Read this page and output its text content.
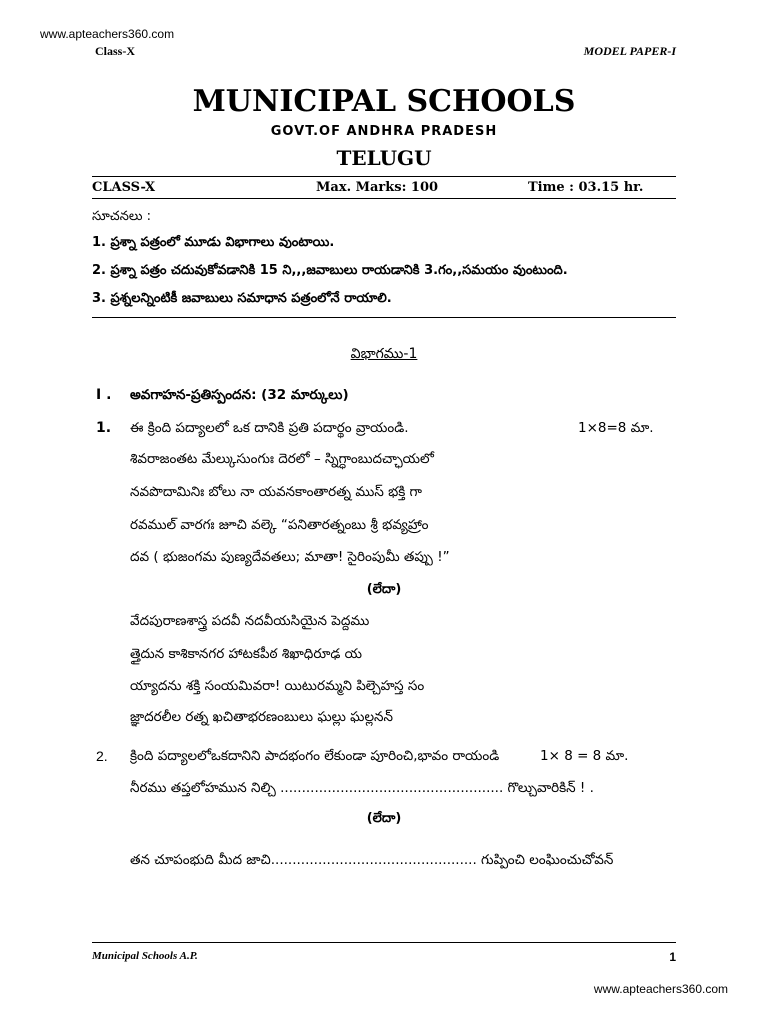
www.apteachers360.com
Class-X	MODEL PAPER-I
MUNICIPAL SCHOOLS
GOVT.OF ANDHRA PRADESH
TELUGU
CLASS-X	Max. Marks: 100	Time : 03.15 hr.
సూచనలు :
1. ప్రశ్నా పత్రంలో మూడు విభాగాలు వుంటాయి.
2. ప్రశ్నా పత్రం చదువుకోవడానికి 15 ని,,,జవాబులు రాయడానికి 3.గం,,సమయం వుంటుంది.
3. ప్రశ్నలన్నింటికీ జవాబులు సమాధాన పత్రంలోనే రాయాలి.
విభాగము-1
I . అవగాహన-ప్రతిస్పందన: (32 మార్కులు)
1. ఈ క్రింది పద్యాలలో ఒక దానికి ప్రతి పదార్థం వ్రాయండి.	1×8=8 మా.
శివరాజంతట మేల్కుసుంగుః దెరలో – స్నిగ్ధాంబుదచ్ఛాయలో
నవపొదామినిః బోలు నా యవనకాంతారత్న ముస్ భక్తి గా
రవముల్ వారగః జూచి వల్కె “పనితారత్నంబు శ్రీ భవ్యహ్రాం
దవ ( భుజంగమ పుణ్యదేవతలు; మాతా! సైరింపుమీ తప్పు !”
(లేదా)
వేదపురాణశాస్త్ర పదవీ నదవీయసియైన పెద్దము
త్తైదున కాశికానగర హాటకపీఠ శిఖాధిరూఢ య
య్యాదను శక్తి సంయమివరా! యిటురమ్మని పిల్చెహస్త సం
జ్ఞాదరలీల రత్న ఖచితాభరణంబులు ఘల్లు ఘల్లనన్
2. క్రింది పద్యాలలోఒకదానిని పాదభంగం లేకుండా పూరించి,భావం రాయండి	1× 8 = 8 మా.
నీరము తప్తలోహమున నిల్చి .................................................... గొల్చువారికిన్ ! .
(లేదా)
తన చూపంభుది మీద జాచి................................................ గుప్పించి లంఘించుచోవన్
Municipal Schools A.P.	1
www.apteachers360.com
